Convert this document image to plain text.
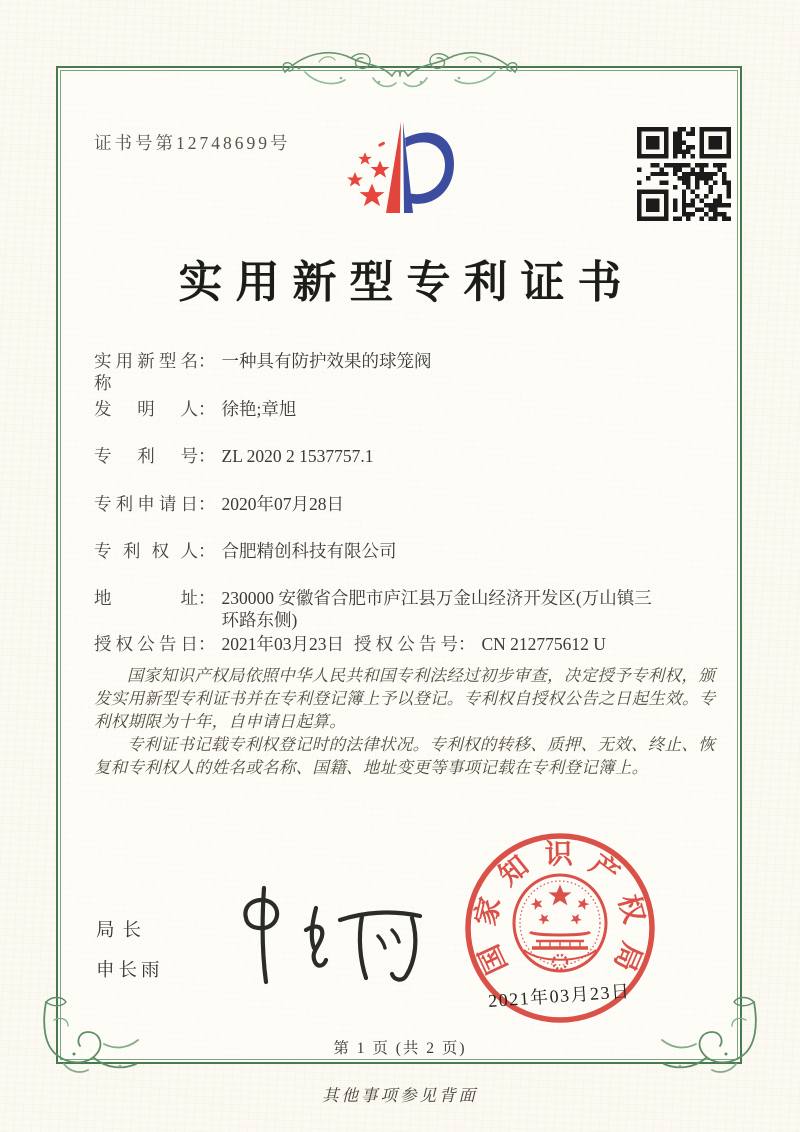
证书号第12748699号
实用新型专利证书
实用新型名称
： 一种具有防护效果的球笼阀
发明人 ： 徐艳;章旭
专利号 ： ZL 2020 2 1537757.1
专利申请日 ： 2020年07月28日
专利权人 ： 合肥精创科技有限公司
地址 ： 230000 安徽省合肥市庐江县万金山经济开发区(万山镇三环路东侧)
授权公告日 ： 2021年03月23日 授权公告号 ： CN 212775612 U

国家知识产权局依照中华人民共和国专利法经过初步审查，决定授予专利权，颁发实用新型专利证书并在专利登记簿上予以登记。专利权自授权公告之日起生效。专利权期限为十年，自申请日起算。

专利证书记载专利权登记时的法律状况。专利权的转移、质押、无效、终止、恢复和专利权人的姓名或名称、国籍、地址变更等事项记载在专利登记簿上。

局长
申长雨	国
家
知 识 产
权
局
2021年03月23日
第 1 页 (共 2 页)
其他事项参见背面
